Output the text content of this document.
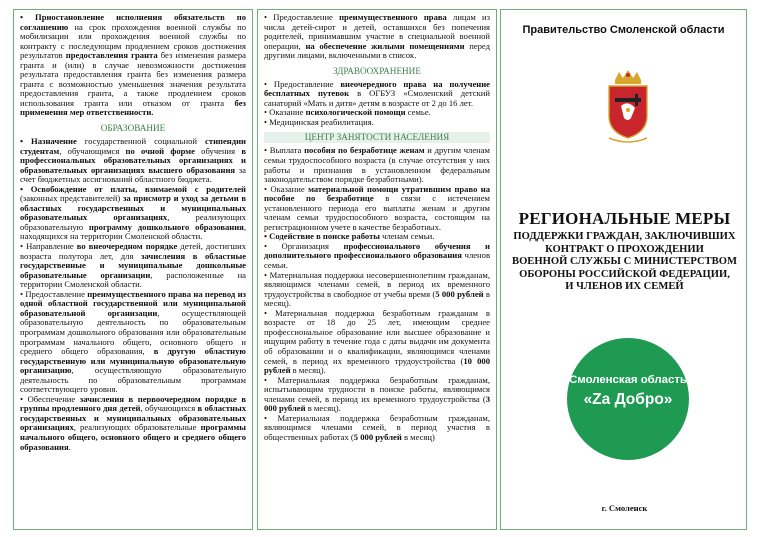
• Приостановление исполнения обязательств по соглашению на срок прохождения военной службы по мобилизации или прохождения военной службы по контракту с последующим продлением сроков достижения результатов предоставления гранта без изменения размера гранта и (или) в случае невозможности достижения результата предоставления гранта без изменения размера гранта с возможностью уменьшения значения результата предоставления гранта, а также продлением сроков использования гранта или отказом от гранта без применения мер ответственности.

ОБРАЗОВАНИЕ

• Назначение государственной социальной стипендии студентам, обучающимся по очной форме обучения в профессиональных образовательных организациях и образовательных организациях высшего образования за счет бюджетных ассигнований областного бюджета.

• Освобождение от платы, взимаемой с родителей (законных представителей) за присмотр и уход за детьми в областных государственных и муниципальных образовательных организациях, реализующих образовательную программу дошкольного образования, находящихся на территории Смоленской области.

• Направление во внеочередном порядке детей, достигших возраста полутора лет, для зачисления в областные государственные и муниципальные дошкольные образовательные организации, расположенные на территории Смоленской области.

• Предоставление преимущественного права на перевод из одной областной государственной или муниципальной образовательной организации, осуществляющей образовательную деятельность по образовательным программам дошкольного образования или образовательным программам начального общего, основного общего и среднего общего образования, в другую областную государственную или муниципальную образовательную организацию, осуществляющую образовательную деятельность по образовательным программам соответствующего уровня.

• Обеспечение зачисления в первоочередном порядке в группы продленного дня детей, обучающихся в областных государственных и муниципальных образовательных организациях, реализующих образовательные программы начального общего, основного общего и среднего общего образования.

• Предоставление преимущественного права лицам из числа детей-сирот и детей, оставшихся без попечения родителей, принимавшим участие в специальной военной операции, на обеспечение жилыми помещениями перед другими лицами, включенными в список.

ЗДРАВООХРАНЕНИЕ

• Предоставление внеочередного права на получение бесплатных путевок в ОГБУЗ «Смоленский детский санаторий «Мать и дитя» детям в возрасте от 2 до 16 лет.

• Оказание психологической помощи семье.

• Медицинская реабилитация.

ЦЕНТР ЗАНЯТОСТИ НАСЕЛЕНИЯ

• Выплата пособия по безработице женам и другим членам семьи трудоспособного возраста (в случае отсутствия у них работы и признания в установленном федеральным законодательством порядке безработными).

• Оказание материальной помощи утратившим право на пособие по безработице в связи с истечением установленного периода его выплаты женам и другим членам семьи трудоспособного возраста, состоящим на регистрационном учете в качестве безработных.

• Содействие в поиске работы членам семьи.

• Организация профессионального обучения и дополнительного профессионального образования членов семьи.

• Материальная поддержка несовершеннолетним гражданам, являющимся членами семей, в период их временного трудоустройства в свободное от учебы время (5 000 рублей в месяц).

• Материальная поддержка безработным гражданам в возрасте от 18 до 25 лет, имеющим среднее профессиональное образование или высшее образование и ищущим работу в течение года с даты выдачи им документа об образовании и о квалификации, являющимся членами семей, в период их временного трудоустройства (10 000 рублей в месяц).

• Материальная поддержка безработным гражданам, испытывающим трудности в поиске работы, являющимся членами семей, в период их временного трудоустройства (3 000 рублей в месяц).

• Материальная поддержка безработным гражданам, являющимся членами семей, в период участия в общественных работах (5 000 рублей в месяц)

Правительство Смоленской области
РЕГИОНАЛЬНЫЕ МЕРЫ
ПОДДЕРЖКИ ГРАЖДАН, ЗАКЛЮЧИВШИХ
КОНТРАКТ О ПРОХОЖДЕНИИ
ВОЕННОЙ СЛУЖБЫ С МИНИСТЕРСТВОМ
ОБОРОНЫ РОССИЙСКОЙ ФЕДЕРАЦИИ,
И ЧЛЕНОВ ИХ СЕМЕЙ
Смоленская область
«Za Добро»
г. Смоленск
